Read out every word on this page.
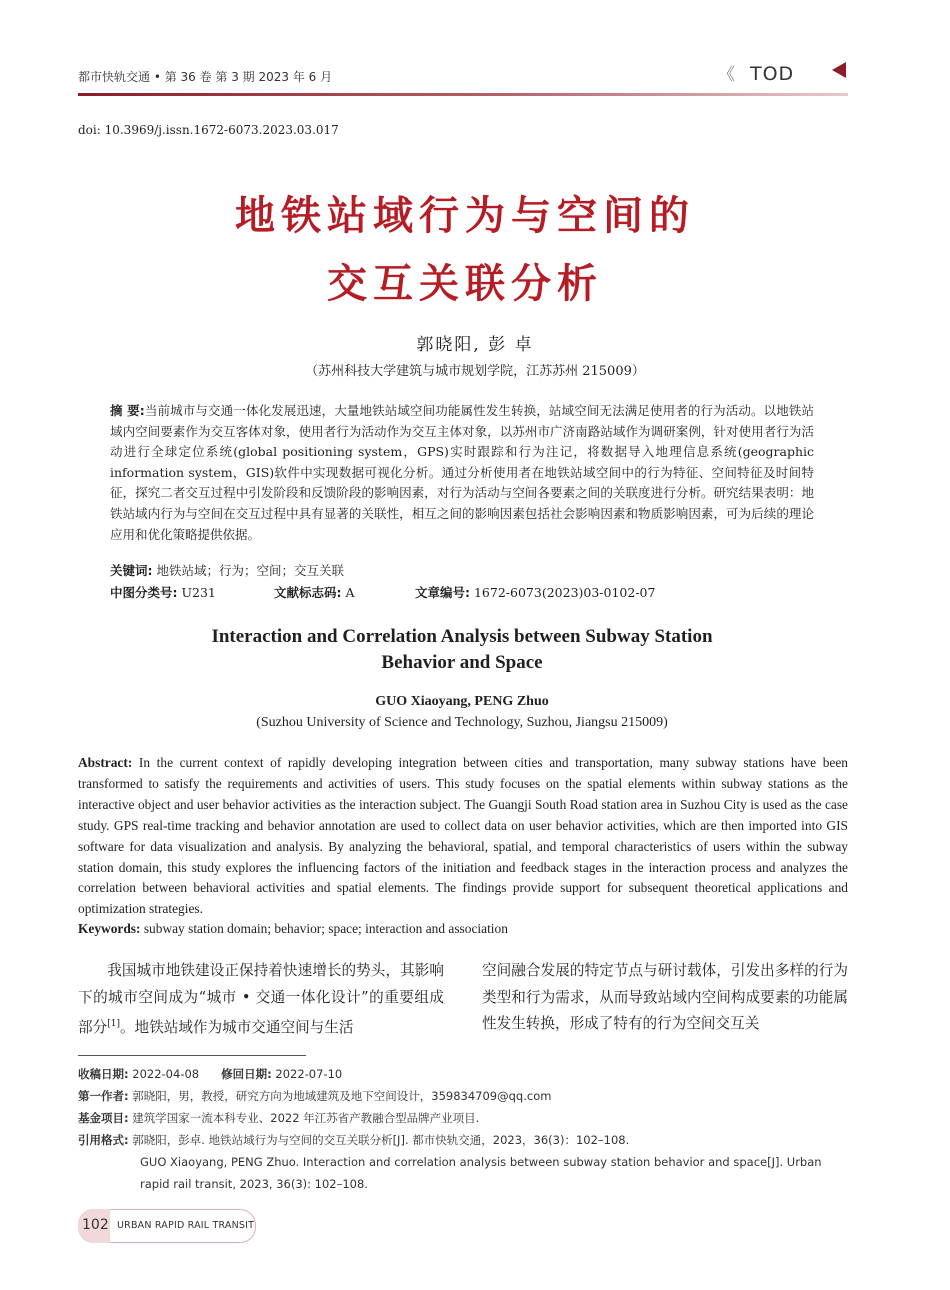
都市快轨交通 • 第 36 卷 第 3 期 2023 年 6 月	《 TOD
doi: 10.3969/j.issn.1672-6073.2023.03.017
地铁站域行为与空间的
交互关联分析
郭晓阳, 彭 卓
（苏州科技大学建筑与城市规划学院，江苏苏州 215009）
摘 要:当前城市与交通一体化发展迅速，大量地铁站域空间功能属性发生转换，站域空间无法满足使用者的行为活动。以地铁站域内空间要素作为交互客体对象，使用者行为活动作为交互主体对象，以苏州市广济南路站域作为调研案例，针对使用者行为活动进行全球定位系统(global positioning system，GPS)实时跟踪和行为注记，将数据导入地理信息系统(geographic information system，GIS)软件中实现数据可视化分析。通过分析使用者在地铁站域空间中的行为特征、空间特征及时间特征，探究二者交互过程中引发阶段和反馈阶段的影响因素，对行为活动与空间各要素之间的关联度进行分析。研究结果表明：地铁站域内行为与空间在交互过程中具有显著的关联性，相互之间的影响因素包括社会影响因素和物质影响因素，可为后续的理论应用和优化策略提供依据。
关键词: 地铁站域；行为；空间；交互关联
中图分类号: U231	文献标志码: A	文章编号: 1672-6073(2023)03-0102-07
Interaction and Correlation Analysis between Subway Station
Behavior and Space
GUO Xiaoyang, PENG Zhuo
(Suzhou University of Science and Technology, Suzhou, Jiangsu 215009)
Abstract: In the current context of rapidly developing integration between cities and transportation, many subway stations have been transformed to satisfy the requirements and activities of users. This study focuses on the spatial elements within subway stations as the interactive object and user behavior activities as the interaction subject. The Guangji South Road station area in Suzhou City is used as the case study. GPS real-time tracking and behavior annotation are used to collect data on user behavior activities, which are then imported into GIS software for data visualization and analysis. By analyzing the behavioral, spatial, and temporal characteristics of users within the subway station domain, this study explores the influencing factors of the initiation and feedback stages in the interaction process and analyzes the correlation between behavioral activities and spatial elements. The findings provide support for subsequent theoretical applications and optimization strategies.
Keywords: subway station domain; behavior; space; interaction and association
我国城市地铁建设正保持着快速增长的势头，其影响下的城市空间成为“城市 • 交通一体化设计”的重要组成部分[1]。地铁站域作为城市交通空间与生活
空间融合发展的特定节点与研讨载体，引发出多样的行为类型和行为需求，从而导致站域内空间构成要素的功能属性发生转换，形成了特有的行为空间交互关
收稿日期: 2022-04-08 修回日期: 2022-07-10
第一作者: 郭晓阳，男，教授，研究方向为地域建筑及地下空间设计，359834709@qq.com
基金项目: 建筑学国家一流本科专业、2022 年江苏省产教融合型品牌产业项目.
引用格式: 郭晓阳，彭卓. 地铁站域行为与空间的交互关联分析[J]. 都市快轨交通，2023，36(3)：102–108.
GUO Xiaoyang, PENG Zhuo. Interaction and correlation analysis between subway station behavior and space[J]. Urban rapid rail transit, 2023, 36(3): 102–108.
102 URBAN RAPID RAIL TRANSIT
